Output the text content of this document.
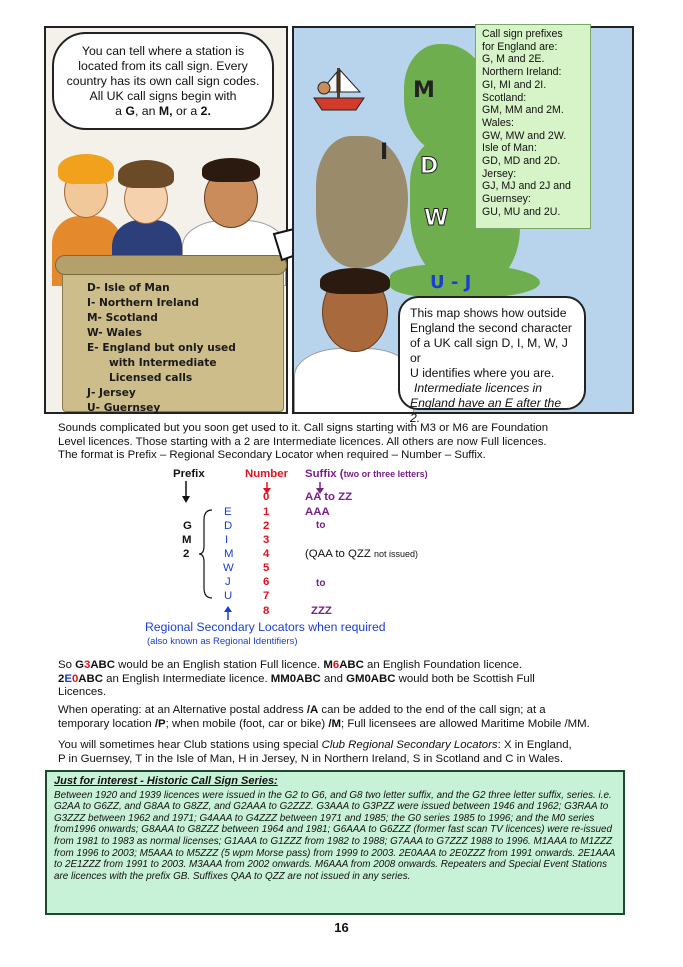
You can tell where a station is
located from its call sign. Every
country has its own call sign codes.
All UK call signs begin with
a G, an M, or a 2.
D- Isle of Man
I- Northern Ireland
M- Scotland
W- Wales
E- England but only used
with Intermediate
Licensed calls
J- Jersey
U- Guernsey
M
I
D
W
U - J
Call sign prefixes
for England are:
G, M and 2E.
Northern Ireland:
GI, MI and 2I.
Scotland:
GM, MM and 2M.
Wales:
GW, MW and 2W.
Isle of Man:
GD, MD and 2D.
Jersey:
GJ, MJ and 2J and
Guernsey:
GU, MU and 2U.
This map shows how outside
England the second character
of a UK call sign D, I, M, W, J or
U identifies where you are.
Intermediate licences in
England have an E after the 2.
Sounds complicated but you soon get used to it. Call signs starting with M3 or M6 are Foundation
Level licences. Those starting with a 2 are Intermediate licences. All others are now Full licences.
The format is Prefix – Regional Secondary Locator when required – Number – Suffix.
Prefix	Number Suffix (two or three letters)
G
M
2
E
D
I
M
W
J
U
0
1
2
3
4
5
6
7
8
AA to ZZ
AAA
to
(QAA to QZZ not issued)
to
ZZZ
Regional Secondary Locators when required
(also known as Regional Identifiers)
So G3ABC would be an English station Full licence. M6ABC an English Foundation licence.
2E0ABC an English Intermediate licence. MM0ABC and GM0ABC would both be Scottish Full
Licences.
When operating: at an Alternative postal address /A can be added to the end of the call sign; at a
temporary location /P; when mobile (foot, car or bike) /M; Full licensees are allowed Maritime Mobile /MM.
You will sometimes hear Club stations using special Club Regional Secondary Locators: X in England,
P in Guernsey, T in the Isle of Man, H in Jersey, N in Northern Ireland, S in Scotland and C in Wales.
Just for interest - Historic Call Sign Series:
Between 1920 and 1939 licences were issued in the G2 to G6, and G8 two letter suffix, and the G2 three letter suffix, series. i.e. G2AA to G6ZZ, and G8AA to G8ZZ, and G2AAA to G2ZZZ. G3AAA to G3PZZ were issued between 1946 and 1962; G3RAA to G3ZZZ between 1962 and 1971; G4AAA to G4ZZZ between 1971 and 1985; the G0 series 1985 to 1996; and the M0 series from1996 onwards; G8AAA to G8ZZZ between 1964 and 1981; G6AAA to G6ZZZ (former fast scan TV licences) were re-issued from 1981 to 1983 as normal licenses; G1AAA to G1ZZZ from 1982 to 1988; G7AAA to G7ZZZ 1988 to 1996. M1AAA to M1ZZZ from 1996 to 2003; M5AAA to M5ZZZ (5 wpm Morse pass) from 1999 to 2003. 2E0AAA to 2E0ZZZ from 1991 onwards. 2E1AAA to 2E1ZZZ from 1991 to 2003. M3AAA from 2002 onwards. M6AAA from 2008 onwards. Repeaters and Special Event Stations are licences with the prefix GB. Suffixes QAA to QZZ are not issued in any series.
16
